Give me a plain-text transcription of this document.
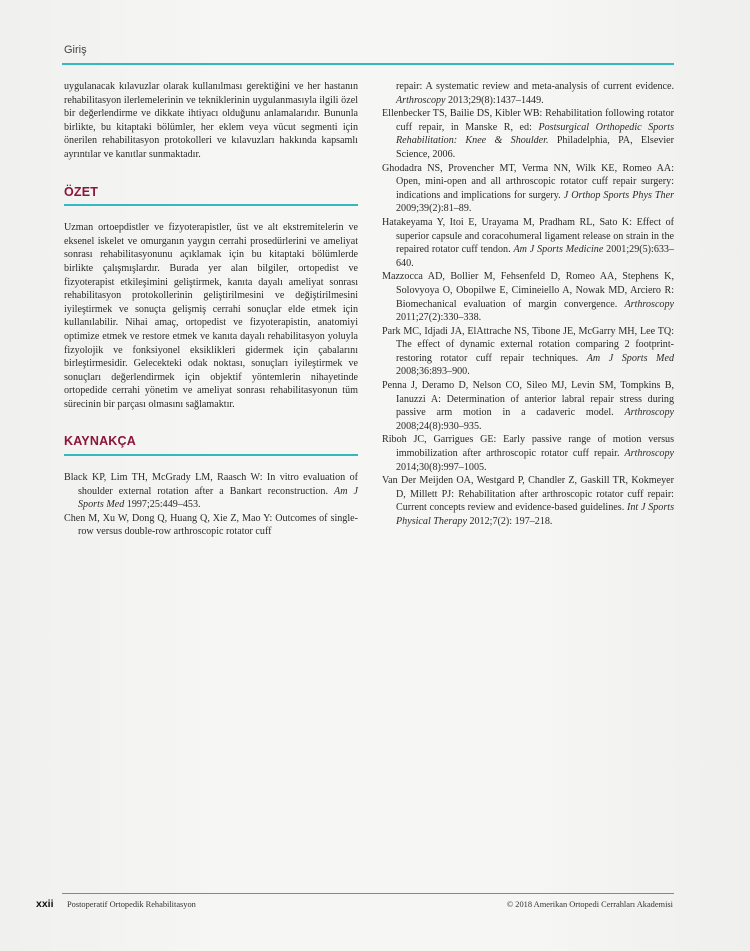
Giriş

uygulanacak kılavuzlar olarak kullanılması gerektiğini ve her hastanın rehabilitasyon ilerlemelerinin ve tekniklerinin uygulanmasıyla ilgili özel bir değerlendirme ve dikkate ihtiyacı olduğunu anlamalarıdır. Bununla birlikte, bu kitaptaki bölümler, her eklem veya vücut segmenti için önerilen rehabilitasyon protokolleri ve kılavuzları hakkında kapsamlı ayrıntılar ve kanıtlar sunmaktadır.

ÖZET

Uzman ortoepdistler ve fizyoterapistler, üst ve alt ekstremitelerin ve eksenel iskelet ve omurganın yaygın cerrahi prosedürlerini ve ameliyat sonrası rehabilitasyonunu açıklamak için bu kitaptaki bölümlerde birlikte çalışmışlardır. Burada yer alan bilgiler, ortopedist ve fizyoterapist etkileşimini geliştirmek, kanıta dayalı ameliyat sonrası rehabilitasyon protokollerinin geliştirilmesini ve değiştirilmesini iyileştirmek ve sonuçta gelişmiş cerrahi sonuçlar elde etmek için kullanılabilir. Nihai amaç, ortopedist ve fizyoterapistin, anatomiyi optimize etmek ve restore etmek ve kanıta dayalı rehabilitasyon yoluyla fizyolojik ve fonksiyonel eksiklikleri gidermek için çabalarını birleştirmesidir. Gelecekteki odak noktası, sonuçları iyileştirmek ve sonuçları değerlendirmek için objektif yöntemlerin nihayetinde ortopedide cerrahi yönetim ve ameliyat sonrası rehabilitasyonun tüm sürecinin bir parçası olmasını sağlamaktır.

KAYNAKÇA

Black KP, Lim TH, McGrady LM, Raasch W: In vitro evaluation of shoulder external rotation after a Bankart reconstruction. Am J Sports Med 1997;25:449–453.

Chen M, Xu W, Dong Q, Huang Q, Xie Z, Mao Y: Outcomes of single-row versus double-row arthroscopic rotator cuff

repair: A systematic review and meta-analysis of current evidence. Arthroscopy 2013;29(8):1437–1449.

Ellenbecker TS, Bailie DS, Kibler WB: Rehabilitation following rotator cuff repair, in Manske R, ed: Postsurgical Orthopedic Sports Rehabilitation: Knee & Shoulder. Philadelphia, PA, Elsevier Science, 2006.

Ghodadra NS, Provencher MT, Verma NN, Wilk KE, Romeo AA: Open, mini-open and all arthroscopic rotator cuff repair surgery: indications and implications for surgery. J Orthop Sports Phys Ther 2009;39(2):81–89.

Hatakeyama Y, Itoi E, Urayama M, Pradham RL, Sato K: Effect of superior capsule and coracohumeral ligament release on strain in the repaired rotator cuff tendon. Am J Sports Medicine 2001;29(5):633–640.

Mazzocca AD, Bollier M, Fehsenfeld D, Romeo AA, Stephens K, Solovyoya O, Obopilwe E, Cimineiello A, Nowak MD, Arciero R: Biomechanical evaluation of margin convergence. Arthroscopy 2011;27(2):330–338.

Park MC, Idjadi JA, ElAttrache NS, Tibone JE, McGarry MH, Lee TQ: The effect of dynamic external rotation comparing 2 footprint-restoring rotator cuff repair techniques. Am J Sports Med 2008;36:893–900.

Penna J, Deramo D, Nelson CO, Sileo MJ, Levin SM, Tompkins B, Ianuzzi A: Determination of anterior labral repair stress during passive arm motion in a cadaveric model. Arthroscopy 2008;24(8):930–935.

Riboh JC, Garrigues GE: Early passive range of motion versus immobilization after arthroscopic rotator cuff repair. Arthroscopy 2014;30(8):997–1005.

Van Der Meijden OA, Westgard P, Chandler Z, Gaskill TR, Kokmeyer D, Millett PJ: Rehabilitation after arthroscopic rotator cuff repair: Current concepts review and evidence-based guidelines. Int J Sports Physical Therapy 2012;7(2): 197–218.

xxii Postoperatif Ortopedik Rehabilitasyon	© 2018 Amerikan Ortopedi Cerrahları Akademisi
